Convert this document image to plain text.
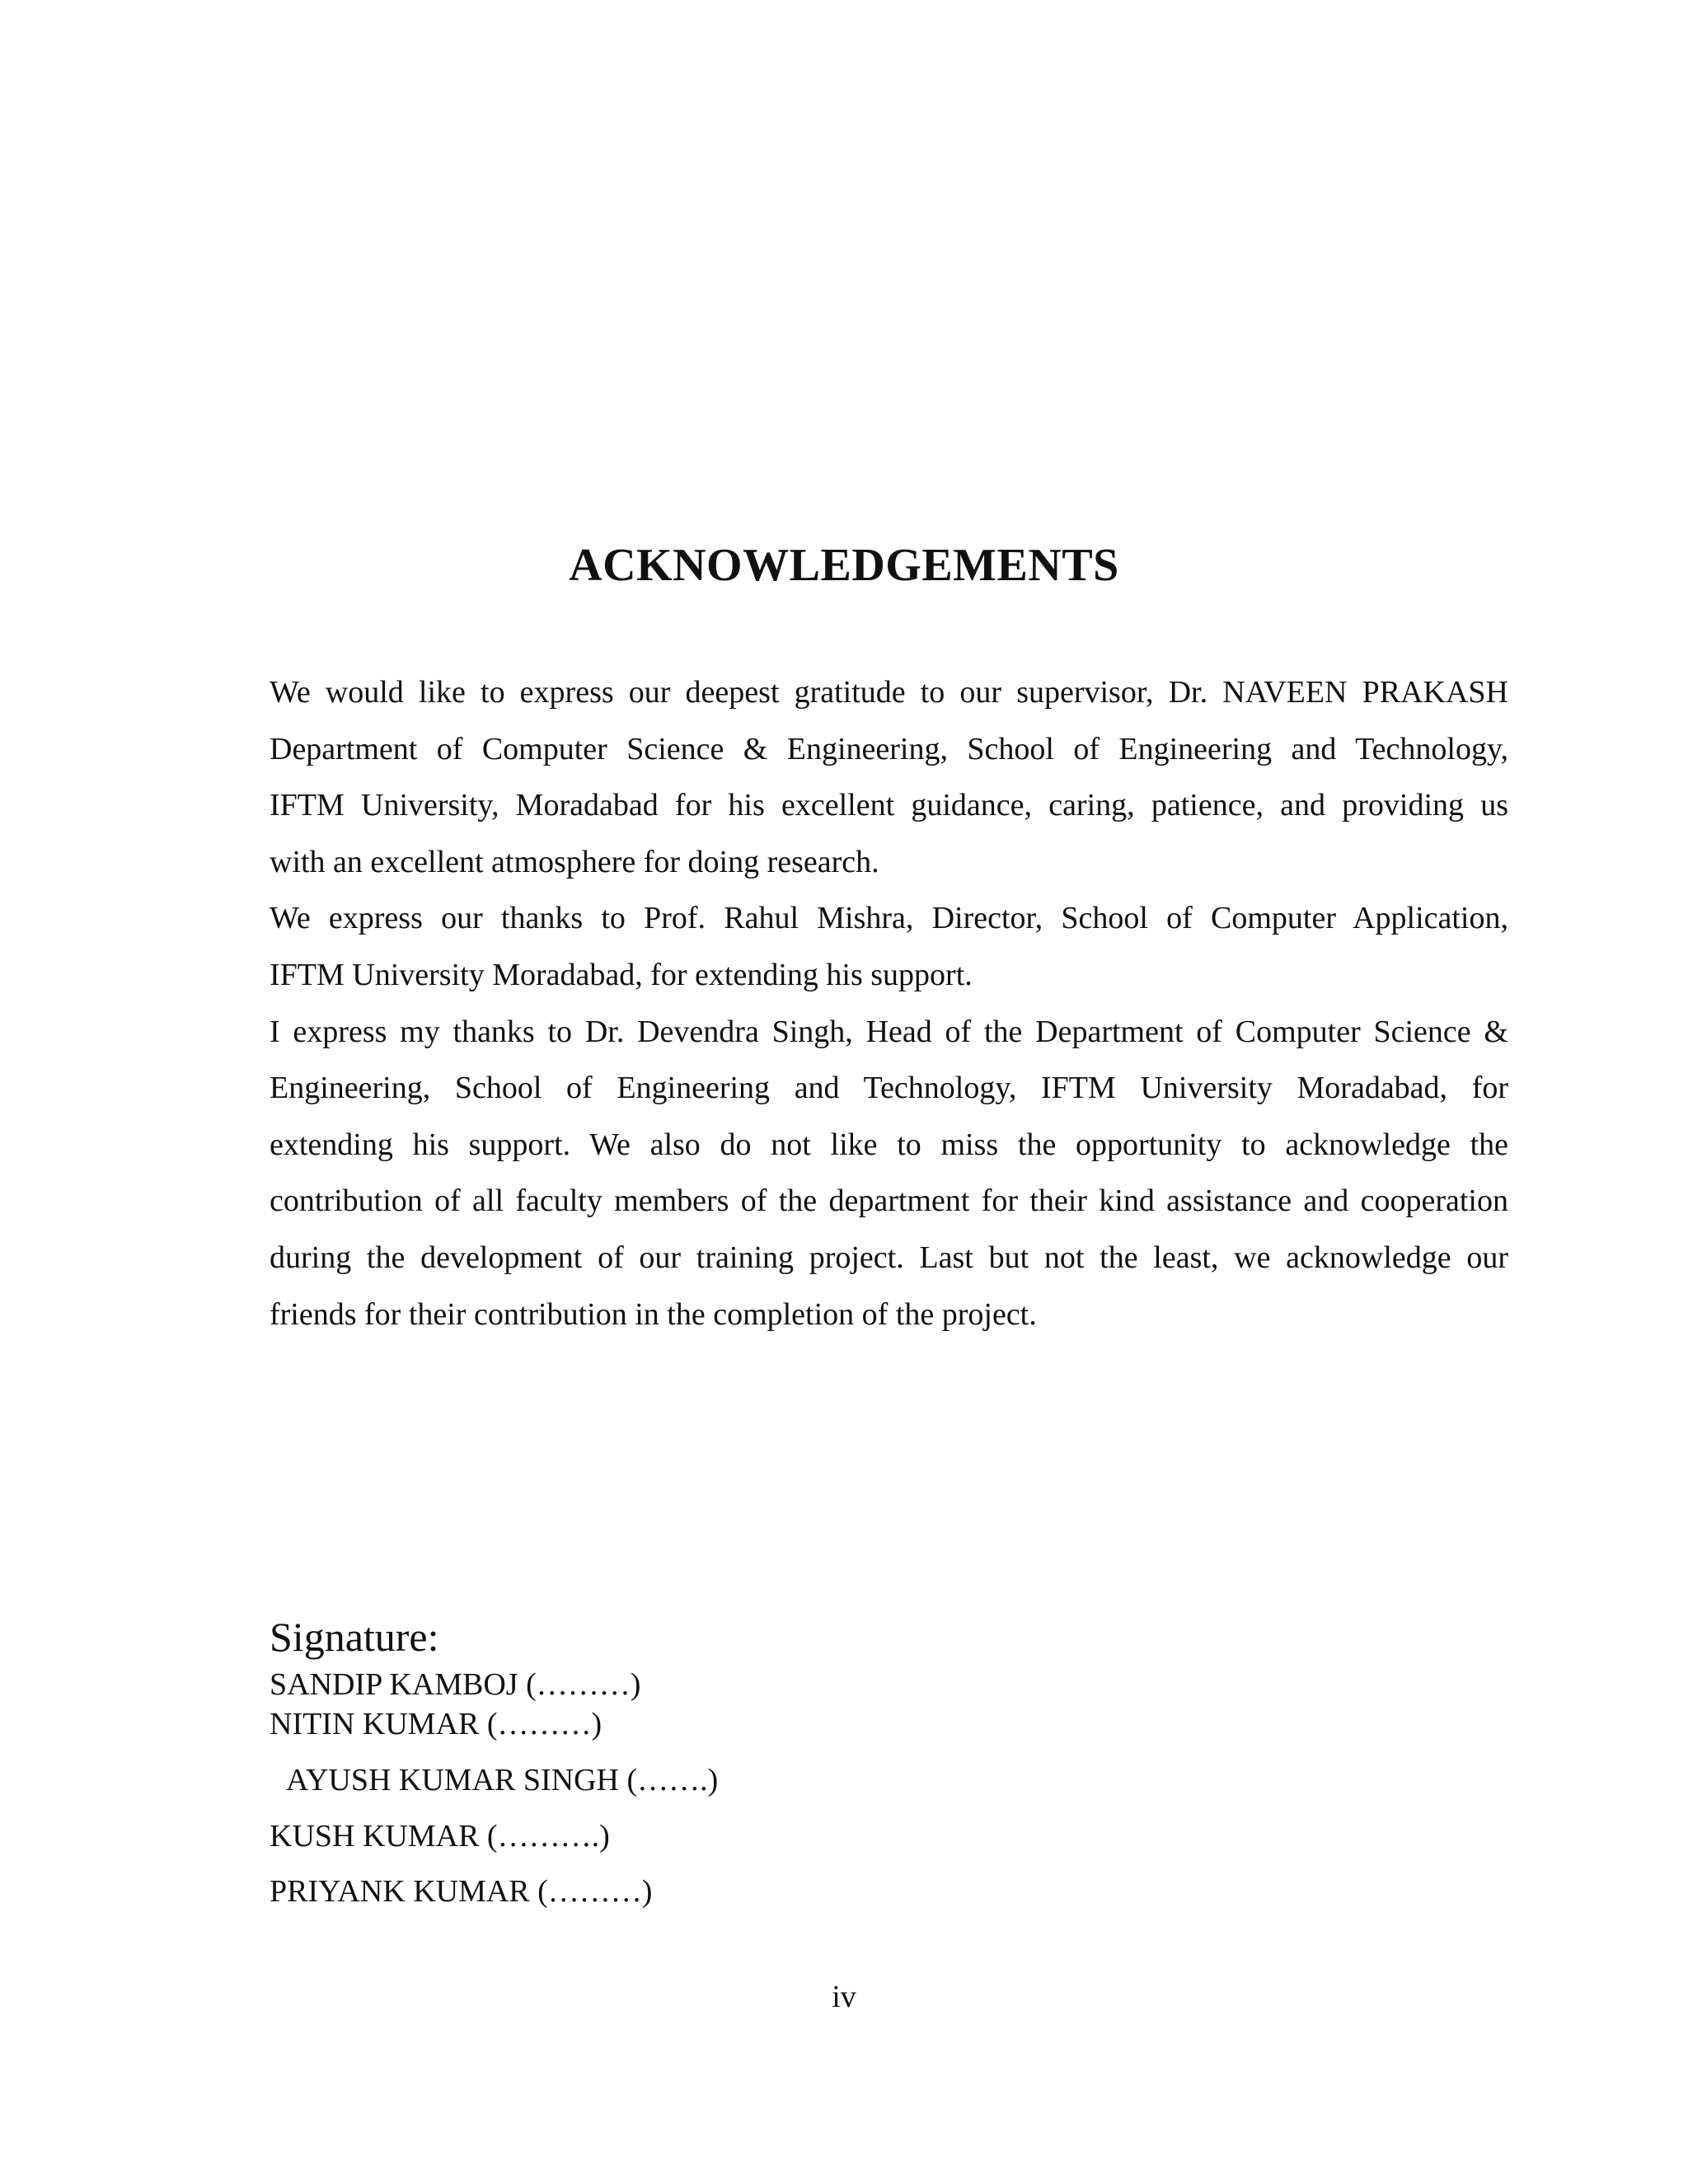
ACKNOWLEDGEMENTS
We would like to express our deepest gratitude to our supervisor, Dr. NAVEEN PRAKASH
Department of Computer Science & Engineering, School of Engineering and Technology,
IFTM University, Moradabad for his excellent guidance, caring, patience, and providing us
with an excellent atmosphere for doing research.
We express our thanks to Prof. Rahul Mishra, Director, School of Computer Application,
IFTM University Moradabad, for extending his support.
I express my thanks to Dr. Devendra Singh, Head of the Department of Computer Science &
Engineering, School of Engineering and Technology, IFTM University Moradabad, for
extending his support. We also do not like to miss the opportunity to acknowledge the
contribution of all faculty members of the department for their kind assistance and cooperation
during the development of our training project. Last but not the least, we acknowledge our
friends for their contribution in the completion of the project.
Signature:
SANDIP KAMBOJ (………)
NITIN KUMAR (………)
AYUSH KUMAR SINGH (…….)
KUSH KUMAR (……….)
PRIYANK KUMAR (………)
iv
